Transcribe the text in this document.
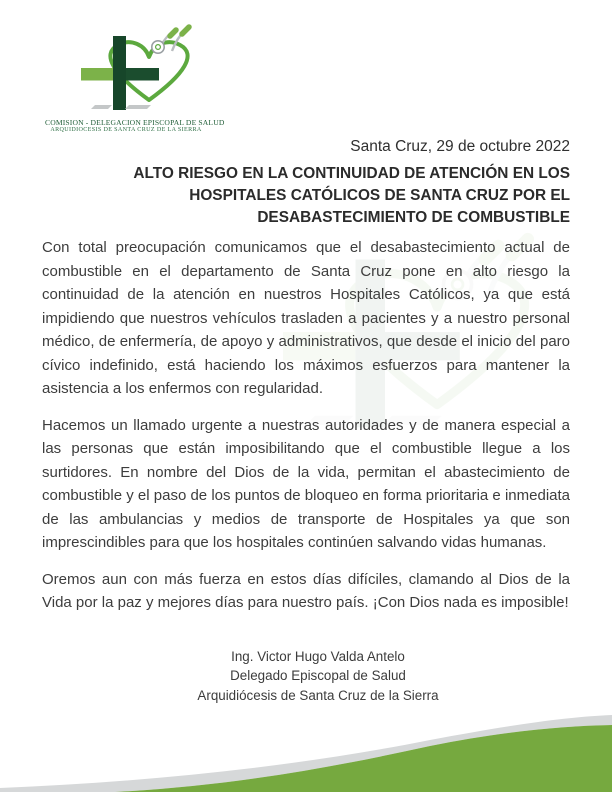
COMISION - DELEGACION EPISCOPAL DE SALUD
ARQUIDIOCESIS DE SANTA CRUZ DE LA SIERRA
Santa Cruz, 29 de octubre 2022
ALTO RIESGO EN LA CONTINUIDAD DE ATENCIÓN EN LOS
HOSPITALES CATÓLICOS DE SANTA CRUZ POR EL
DESABASTECIMIENTO DE COMBUSTIBLE

Con total preocupación comunicamos que el desabastecimiento actual de combustible en el departamento de Santa Cruz pone en alto riesgo la continuidad de la atención en nuestros Hospitales Católicos, ya que está impidiendo que nuestros vehículos trasladen a pacientes y a nuestro personal médico, de enfermería, de apoyo y administrativos, que desde el inicio del paro cívico indefinido, está haciendo los máximos esfuerzos para mantener la asistencia a los enfermos con regularidad.

Hacemos un llamado urgente a nuestras autoridades y de manera especial a las personas que están imposibilitando que el combustible llegue a los surtidores. En nombre del Dios de la vida, permitan el abastecimiento de combustible y el paso de los puntos de bloqueo en forma prioritaria e inmediata de las ambulancias y medios de transporte de Hospitales ya que son imprescindibles para que los hospitales continúen salvando vidas humanas.

Oremos aun con más fuerza en estos días difíciles, clamando al Dios de la Vida por la paz y mejores días para nuestro país. ¡Con Dios nada es imposible!

Ing. Victor Hugo Valda Antelo
Delegado Episcopal de Salud
Arquidiócesis de Santa Cruz de la Sierra
